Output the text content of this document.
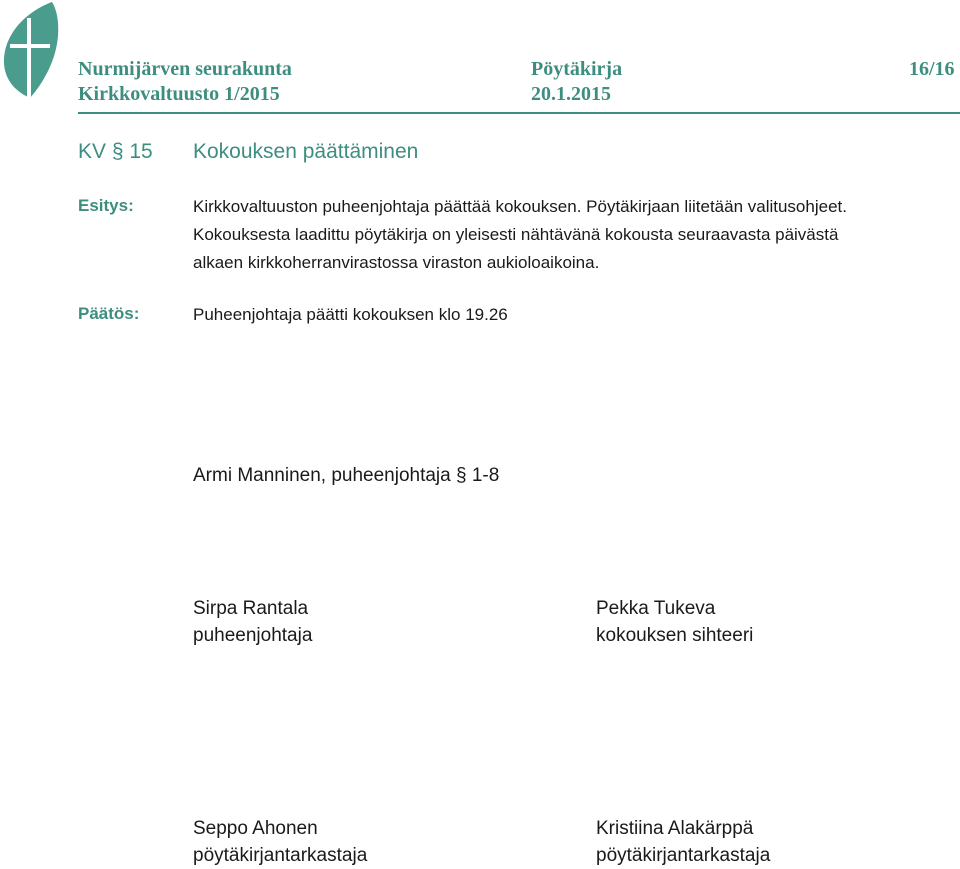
Nurmijärven seurakunta	Pöytäkirja	16/16
Kirkkovaltuusto 1/2015	20.1.2015
KV § 15 Kokouksen päättäminen
Esitys:	Kirkkovaltuuston puheenjohtaja päättää kokouksen. Pöytäkirjaan liitetään valitusohjeet. Kokouksesta laadittu pöytäkirja on yleisesti nähtävänä kokousta seuraavasta päivästä alkaen kirkkoherranvirastossa viraston aukioloaikoina.
Päätös:	Puheenjohtaja päätti kokouksen klo 19.26
Armi Manninen, puheenjohtaja § 1-8
Sirpa Rantala
puheenjohtaja
Pekka Tukeva
kokouksen sihteeri
Seppo Ahonen
pöytäkirjantarkastaja
Kristiina Alakärppä
pöytäkirjantarkastaja
